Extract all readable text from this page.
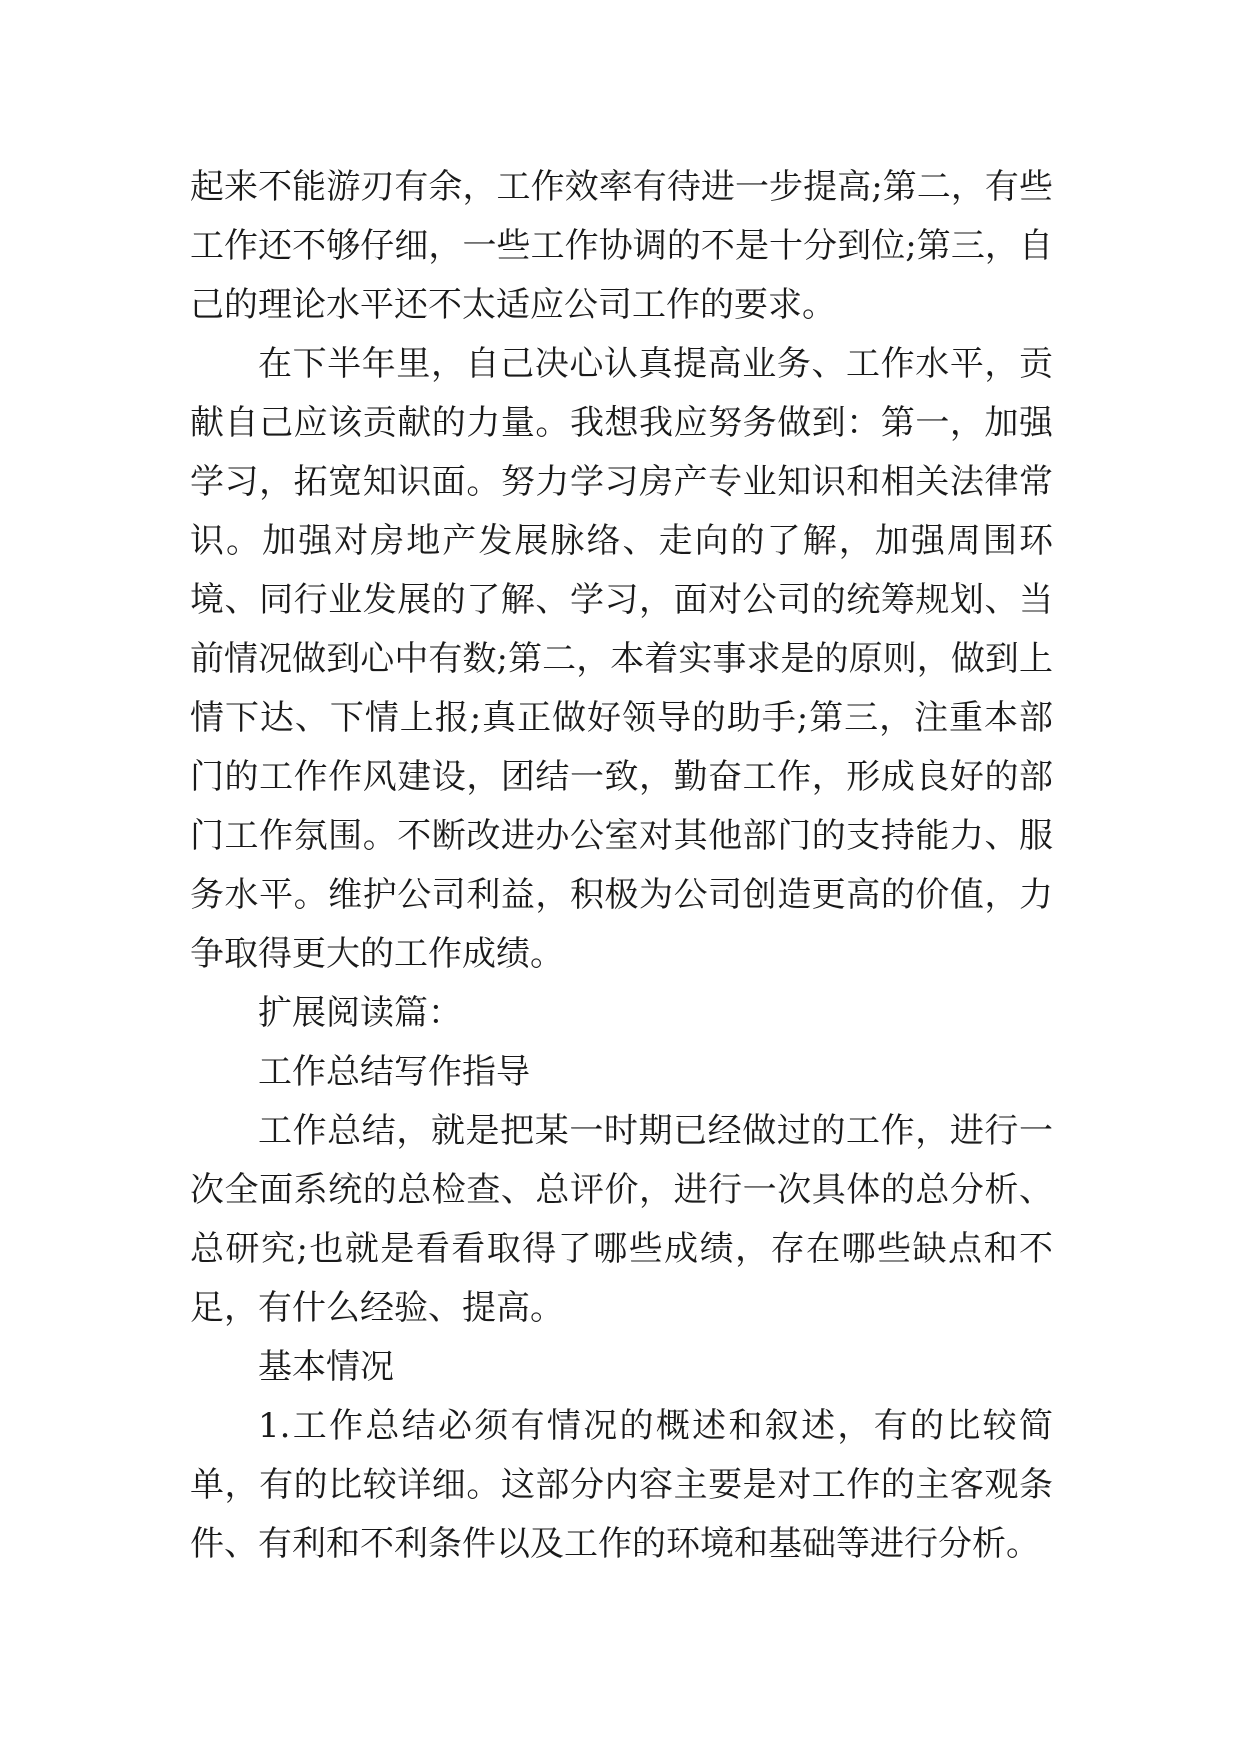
起来不能游刃有余，工作效率有待进一步提高;第二，有些工作还不够仔细，一些工作协调的不是十分到位;第三，自己的理论水平还不太适应公司工作的要求。

在下半年里，自己决心认真提高业务、工作水平，贡献自己应该贡献的力量。我想我应努务做到：第一，加强学习，拓宽知识面。努力学习房产专业知识和相关法律常识。加强对房地产发展脉络、走向的了解，加强周围环境、同行业发展的了解、学习，面对公司的统筹规划、当前情况做到心中有数;第二，本着实事求是的原则，做到上情下达、下情上报;真正做好领导的助手;第三，注重本部门的工作作风建设，团结一致，勤奋工作，形成良好的部门工作氛围。不断改进办公室对其他部门的支持能力、服务水平。维护公司利益，积极为公司创造更高的价值，力争取得更大的工作成绩。

扩展阅读篇：

工作总结写作指导

工作总结，就是把某一时期已经做过的工作，进行一次全面系统的总检查、总评价，进行一次具体的总分析、总研究;也就是看看取得了哪些成绩，存在哪些缺点和不足，有什么经验、提高。

基本情况

1.工作总结必须有情况的概述和叙述，有的比较简单，有的比较详细。这部分内容主要是对工作的主客观条件、有利和不利条件以及工作的环境和基础等进行分析。
